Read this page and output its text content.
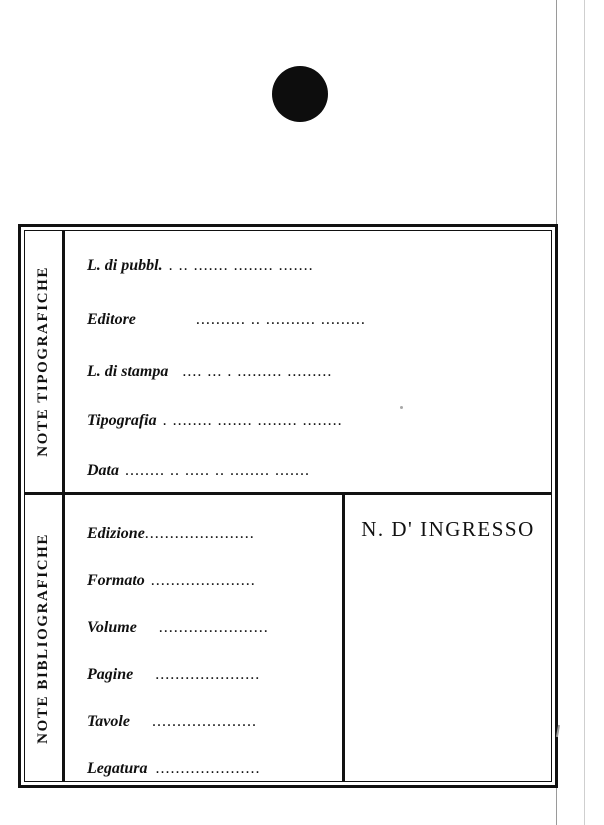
NOTE TIPOGRAFICHE
L. di pubbl. . .. ....... ........ .......
Editore	.......... .. .......... .........
L. di stampa .... ... . ......... .........
Tipografia . ........ ....... ........ ........
Data ........ .. ..... .. ........ .......
NOTE BIBLIOGRAFICHE	Edizione ......................
Formato .....................
Volume	......................
Pagine	.....................
Tavole	.....................
Legatura .....................
N. D' INGRESSO
